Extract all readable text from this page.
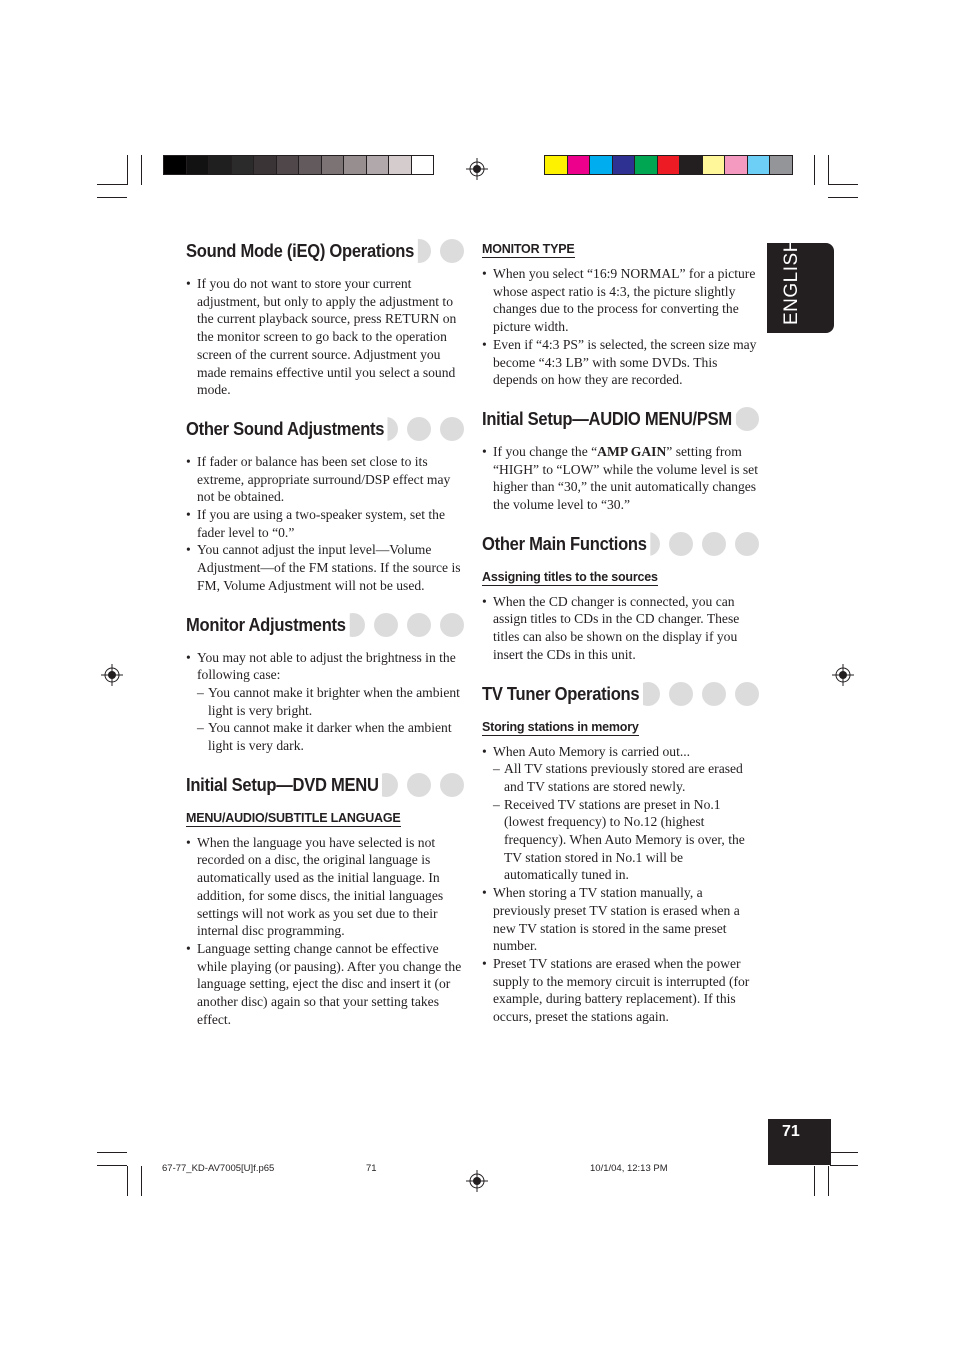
ENGLISH
Sound Mode (iEQ) Operations
• If you do not want to store your current adjustment, but only to apply the adjustment to the current playback source, press RETURN on the monitor screen to go back to the operation screen of the current source. Adjustment you made remains effective until you select a sound mode.
Other Sound Adjustments
• If fader or balance has been set close to its extreme, appropriate surround/DSP effect may not be obtained.
• If you are using a two-speaker system, set the fader level to “0.”
• You cannot adjust the input level—Volume Adjustment—of the FM stations. If the source is FM, Volume Adjustment will not be used.
Monitor Adjustments
• You may not able to adjust the brightness in the following case:
– You cannot make it brighter when the ambient light is very bright.
– You cannot make it darker when the ambient light is very dark.
Initial Setup—DVD MENU
MENU/AUDIO/SUBTITLE LANGUAGE
• When the language you have selected is not recorded on a disc, the original language is automatically used as the initial language. In addition, for some discs, the initial languages settings will not work as you set due to their internal disc programming.
• Language setting change cannot be effective while playing (or pausing). After you change the language setting, eject the disc and insert it (or another disc) again so that your setting takes effect.
MONITOR TYPE
• When you select “16:9 NORMAL” for a picture whose aspect ratio is 4:3, the picture slightly changes due to the process for converting the picture width.
• Even if “4:3 PS” is selected, the screen size may become “4:3 LB” with some DVDs. This depends on how they are recorded.
Initial Setup—AUDIO MENU/PSM
• If you change the “AMP GAIN” setting from “HIGH” to “LOW” while the volume level is set higher than “30,” the unit automatically changes the volume level to “30.”
Other Main Functions
Assigning titles to the sources
• When the CD changer is connected, you can assign titles to CDs in the CD changer. These titles can also be shown on the display if you insert the CDs in this unit.
TV Tuner Operations
Storing stations in memory
• When Auto Memory is carried out...
– All TV stations previously stored are erased and TV stations are stored newly.
– Received TV stations are preset in No.1 (lowest frequency) to No.12 (highest frequency). When Auto Memory is over, the TV station stored in No.1 will be automatically tuned in.
• When storing a TV station manually, a previously preset TV station is erased when a new TV station is stored in the same preset number.
• Preset TV stations are erased when the power supply to the memory circuit is interrupted (for example, during battery replacement). If this occurs, preset the stations again.
71
67-77_KD-AV7005[U]f.p65	71	10/1/04, 12:13 PM
